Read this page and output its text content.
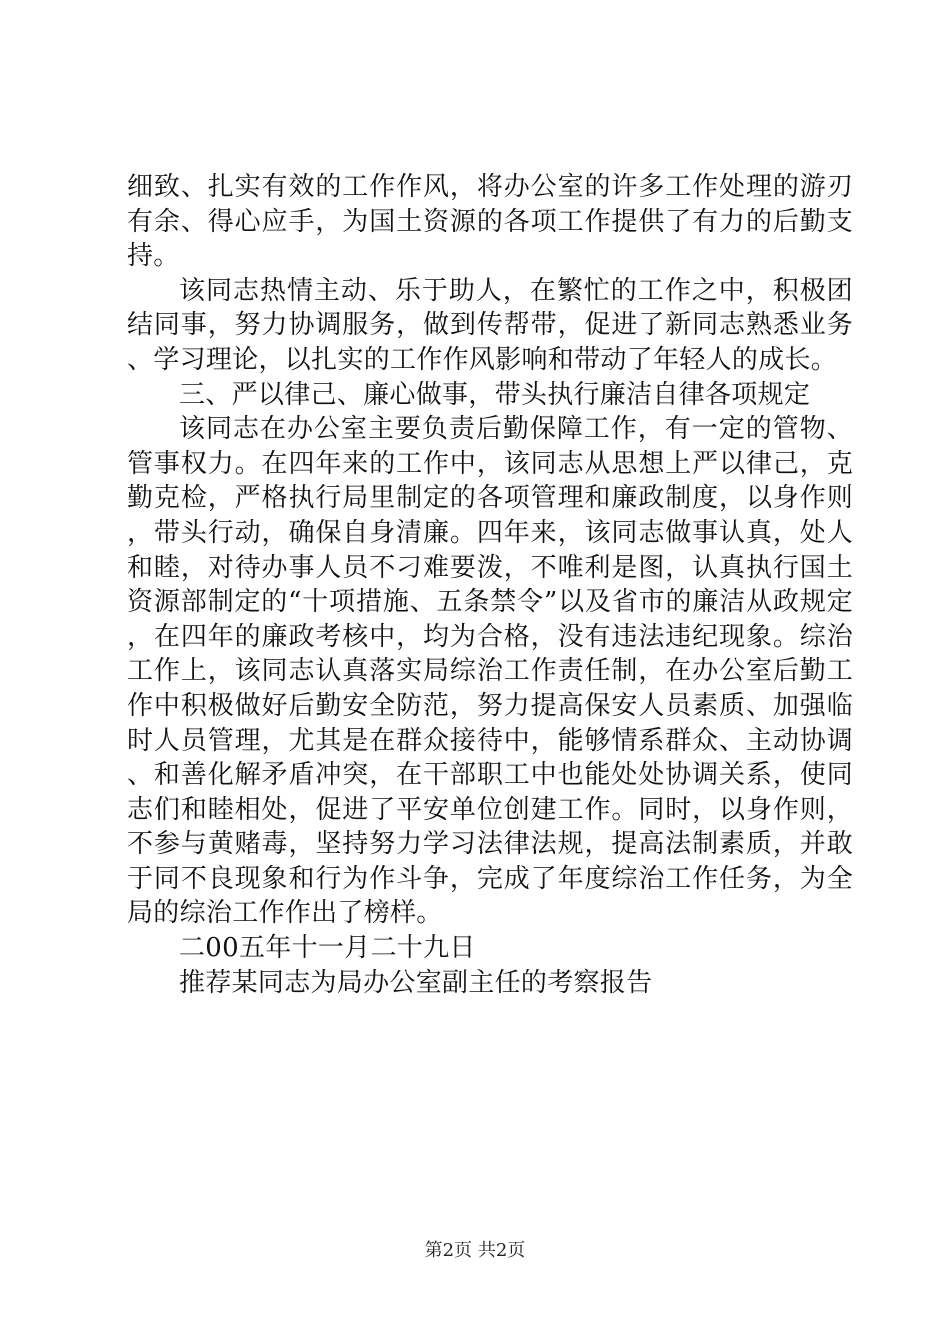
细致、扎实有效的工作作风，将办公室的许多工作处理的游刃有余、得心应手，为国土资源的各项工作提供了有力的后勤支持。

该同志热情主动、乐于助人，在繁忙的工作之中，积极团结同事，努力协调服务，做到传帮带，促进了新同志熟悉业务、学习理论，以扎实的工作作风影响和带动了年轻人的成长。

三、严以律己、廉心做事，带头执行廉洁自律各项规定

该同志在办公室主要负责后勤保障工作，有一定的管物、管事权力。在四年来的工作中，该同志从思想上严以律己，克勤克检，严格执行局里制定的各项管理和廉政制度，以身作则，带头行动，确保自身清廉。四年来，该同志做事认真，处人和睦，对待办事人员不刁难要泼，不唯利是图，认真执行国土资源部制定的“十项措施、五条禁令”以及省市的廉洁从政规定，在四年的廉政考核中，均为合格，没有违法违纪现象。综治工作上，该同志认真落实局综治工作责任制，在办公室后勤工作中积极做好后勤安全防范，努力提高保安人员素质、加强临时人员管理，尤其是在群众接待中，能够情系群众、主动协调、和善化解矛盾冲突，在干部职工中也能处处协调关系，使同志们和睦相处，促进了平安单位创建工作。同时，以身作则，不参与黄赌毒，坚持努力学习法律法规，提高法制素质，并敢于同不良现象和行为作斗争，完成了年度综治工作任务，为全局的综治工作作出了榜样。

二00五年十一月二十九日

推荐某同志为局办公室副主任的考察报告

第2页 共2页
